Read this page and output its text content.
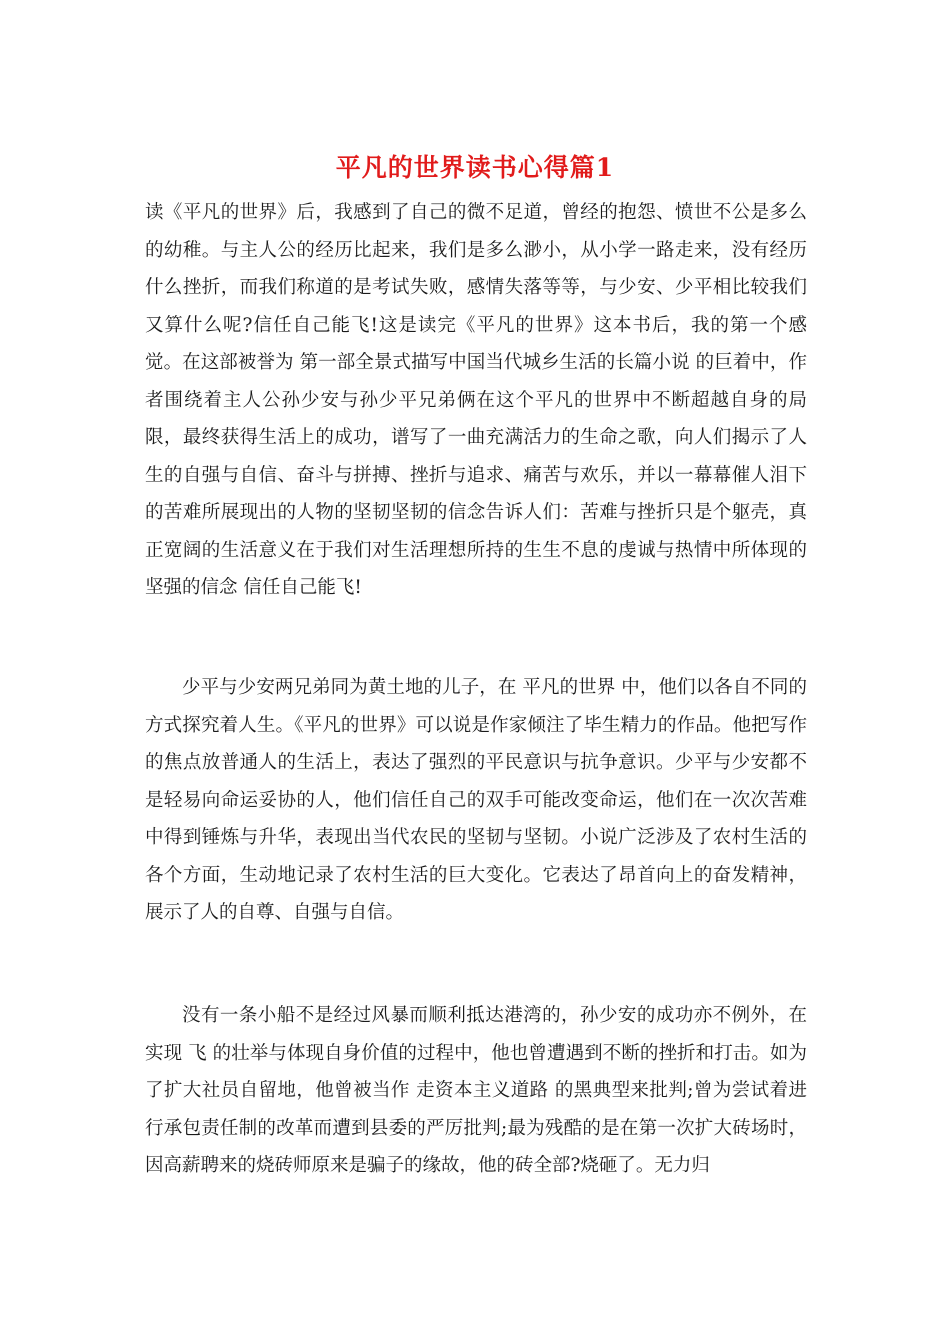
平凡的世界读书心得篇1

读《平凡的世界》后，我感到了自己的微不足道，曾经的抱怨、愤世不公是多么的幼稚。与主人公的经历比起来，我们是多么渺小，从小学一路走来，没有经历什么挫折，而我们称道的是考试失败，感情失落等等，与少安、少平相比较我们又算什么呢?信任自己能飞!这是读完《平凡的世界》这本书后，我的第一个感觉。在这部被誉为 第一部全景式描写中国当代城乡生活的长篇小说 的巨着中，作者围绕着主人公孙少安与孙少平兄弟俩在这个平凡的世界中不断超越自身的局限，最终获得生活上的成功，谱写了一曲充满活力的生命之歌，向人们揭示了人生的自强与自信、奋斗与拼搏、挫折与追求、痛苦与欢乐，并以一幕幕催人泪下的苦难所展现出的人物的坚韧坚韧的信念告诉人们：苦难与挫折只是个躯壳，真正宽阔的生活意义在于我们对生活理想所持的生生不息的虔诚与热情中所体现的坚强的信念 信任自己能飞!

少平与少安两兄弟同为黄土地的儿子，在 平凡的世界 中，他们以各自不同的方式探究着人生。《平凡的世界》可以说是作家倾注了毕生精力的作品。他把写作的焦点放普通人的生活上，表达了强烈的平民意识与抗争意识。少平与少安都不是轻易向命运妥协的人，他们信任自己的双手可能改变命运，他们在一次次苦难中得到锤炼与升华，表现出当代农民的坚韧与坚韧。小说广泛涉及了农村生活的各个方面，生动地记录了农村生活的巨大变化。它表达了昂首向上的奋发精神，展示了人的自尊、自强与自信。

没有一条小船不是经过风暴而顺利抵达港湾的，孙少安的成功亦不例外，在实现 飞 的壮举与体现自身价值的过程中，他也曾遭遇到不断的挫折和打击。如为了扩大社员自留地，他曾被当作 走资本主义道路 的黑典型来批判;曾为尝试着进行承包责任制的改革而遭到县委的严厉批判;最为残酷的是在第一次扩大砖场时，因高薪聘来的烧砖师原来是骗子的缘故，他的砖全部?烧砸了。无力归
